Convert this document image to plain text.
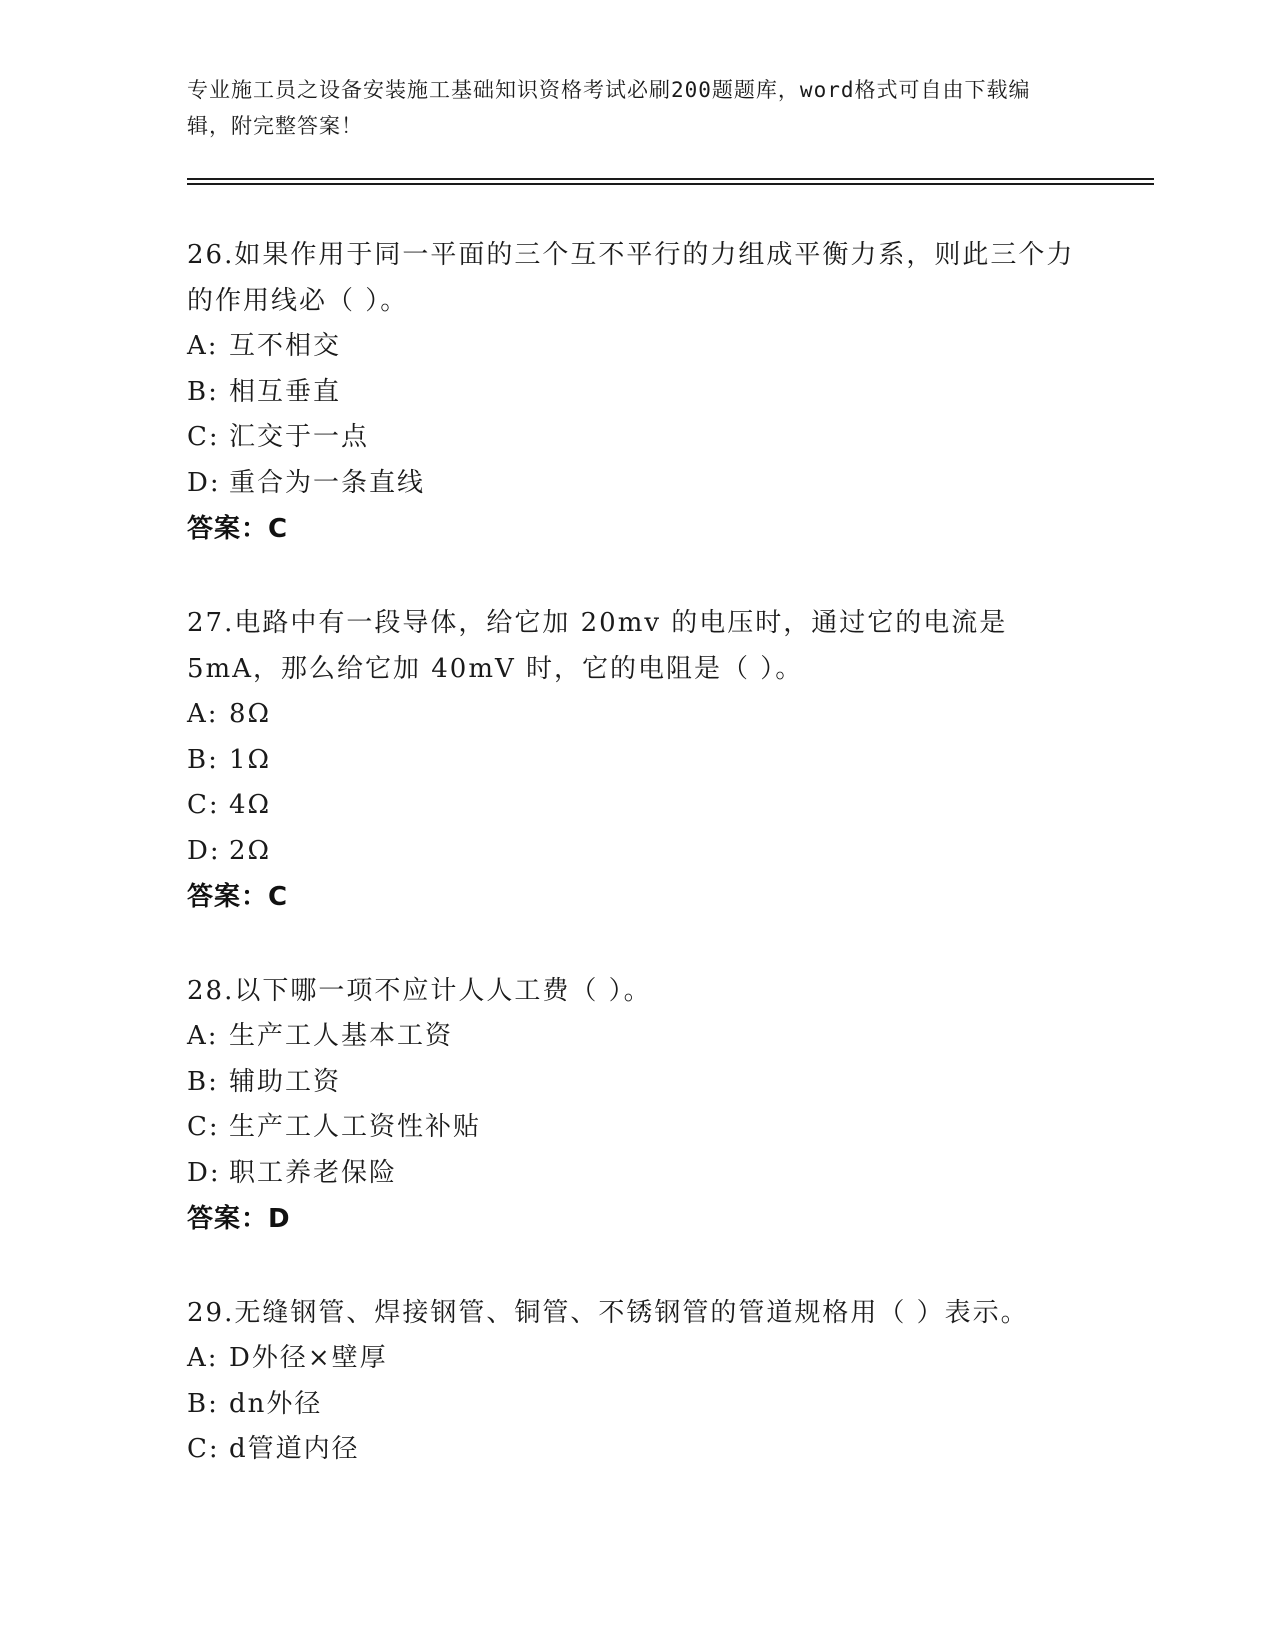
专业施工员之设备安装施工基础知识资格考试必刷200题题库，word格式可自由下载编辑，附完整答案！
26.如果作用于同一平面的三个互不平行的力组成平衡力系，则此三个力的作用线必（ ）。
A: 互不相交
B: 相互垂直
C: 汇交于一点
D: 重合为一条直线
答案：C
27.电路中有一段导体，给它加 20mv 的电压时，通过它的电流是 5mA，那么给它加 40mV 时，它的电阻是（ ）。
A: 8Ω
B: 1Ω
C: 4Ω
D: 2Ω
答案：C
28.以下哪一项不应计人人工费（ ）。
A: 生产工人基本工资
B: 辅助工资
C: 生产工人工资性补贴
D: 职工养老保险
答案：D
29.无缝钢管、焊接钢管、铜管、不锈钢管的管道规格用（ ）表示。
A: D外径×壁厚
B: dn外径
C: d管道内径
